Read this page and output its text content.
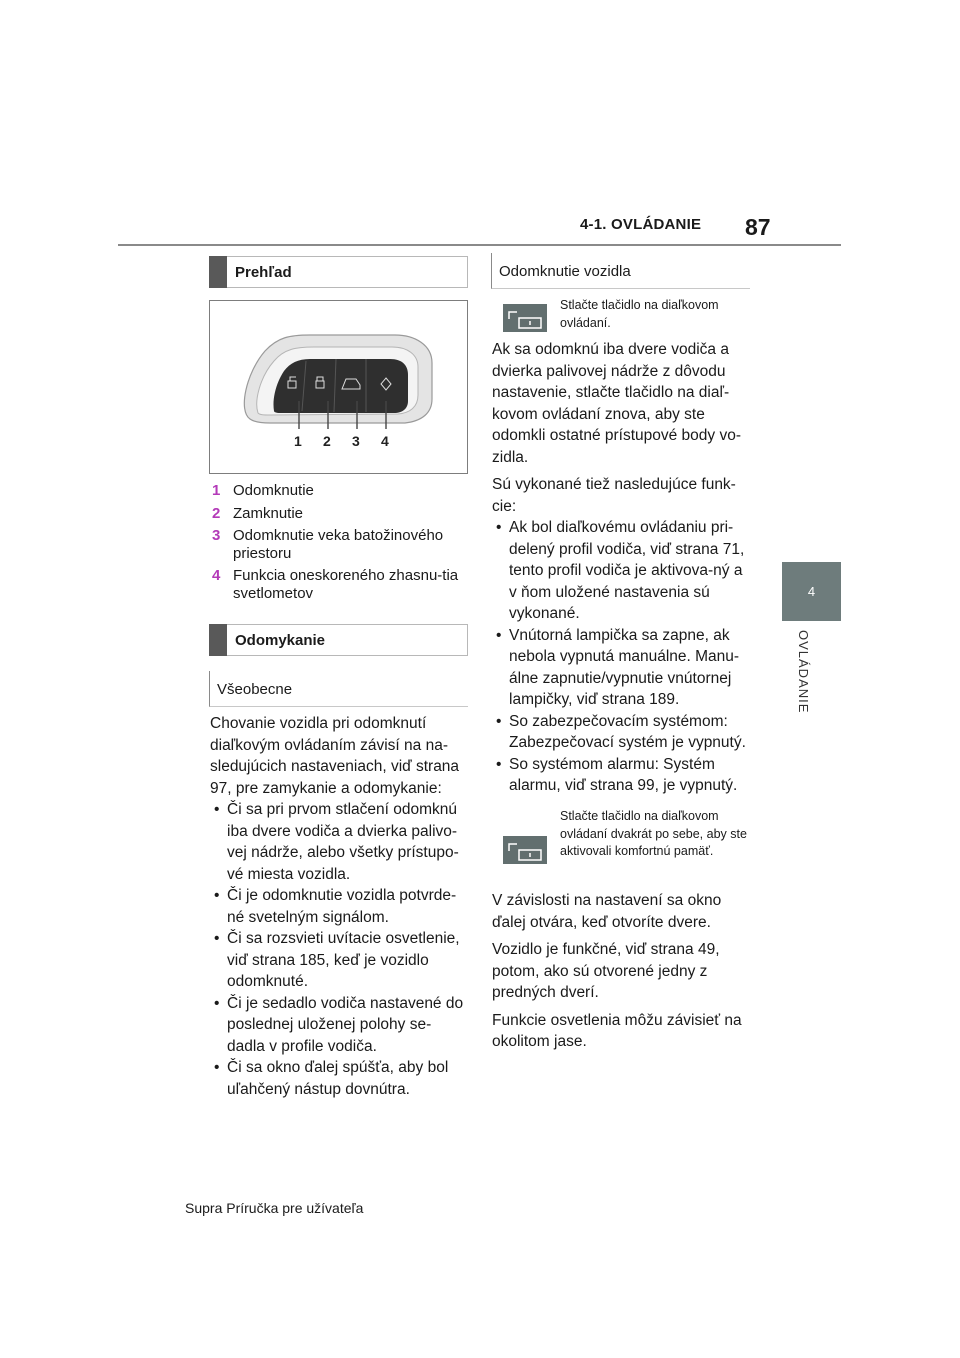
4-1. OVLÁDANIE 87
4
OVLÁDANIE
Prehľad
1 2 3 4
1 Odomknutie
2 Zamknutie
3 Odomknutie veka batožinového priestoru
4 Funkcia oneskoreného zhasnu-tia svetlometov
Odomykanie
Všeobecne
Chovanie vozidla pri odomknutí diaľkovým ovládaním závisí na na-sledujúcich nastaveniach, viď strana 97, pre zamykanie a odomykanie:
• Či sa pri prvom stlačení odomknú iba dvere vodiča a dvierka palivo-vej nádrže, alebo všetky prístupo-vé miesta vozidla.
• Či je odomknutie vozidla potvrde-né svetelným signálom.
• Či sa rozsvieti uvítacie osvetlenie, viď strana 185, keď je vozidlo odomknuté.
• Či je sedadlo vodiča nastavené do poslednej uloženej polohy se-dadla v profile vodiča.
• Či sa okno ďalej spúšťa, aby bol uľahčený nástup dovnútra.
Odomknutie vozidla
Stlačte tlačidlo na diaľkovom ovládaní.
Ak sa odomknú iba dvere vodiča a dvierka palivovej nádrže z dôvodu nastavenie, stlačte tlačidlo na diaľ-kovom ovládaní znova, aby ste odomkli ostatné prístupové body vo-zidla.
Sú vykonané tiež nasledujúce funk-cie:
• Ak bol diaľkovému ovládaniu pri-delený profil vodiča, viď strana 71, tento profil vodiča je aktivova-ný a v ňom uložené nastavenia sú vykonané.
• Vnútorná lampička sa zapne, ak nebola vypnutá manuálne. Manu-álne zapnutie/vypnutie vnútornej lampičky, viď strana 189.
• So zabezpečovacím systémom: Zabezpečovací systém je vypnutý.
• So systémom alarmu: Systém alarmu, viď strana 99, je vypnutý.
Stlačte tlačidlo na diaľkovom ovládaní dvakrát po sebe, aby ste aktivovali komfortnú pamäť.
V závislosti na nastavení sa okno ďalej otvára, keď otvoríte dvere.
Vozidlo je funkčné, viď strana 49, potom, ako sú otvorené jedny z predných dverí.
Funkcie osvetlenia môžu závisieť na okolitom jase.
Supra Príručka pre užívateľa
